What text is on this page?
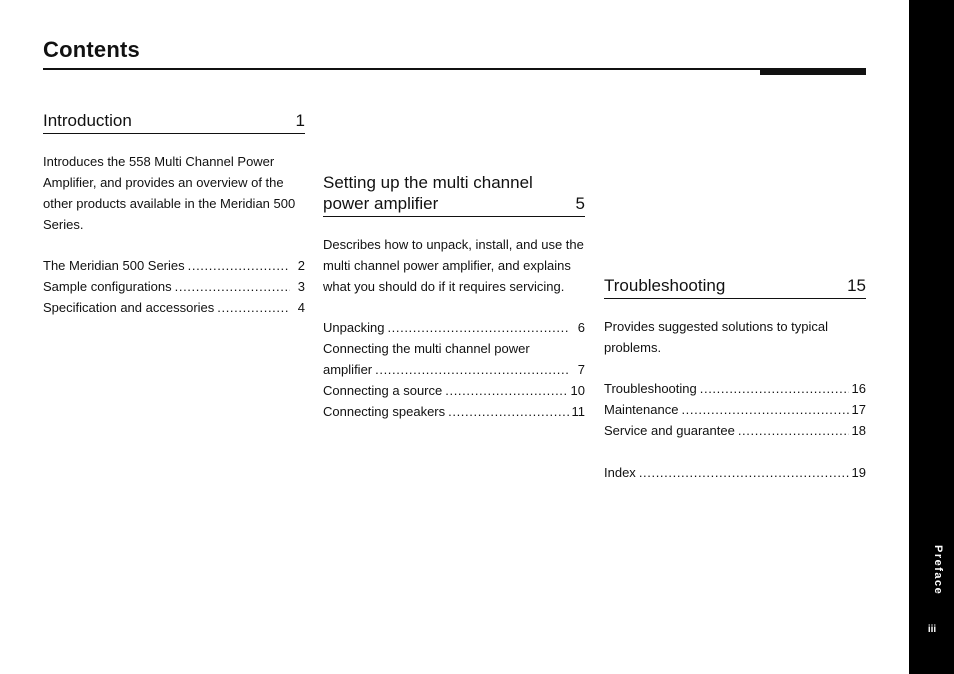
Contents
Introduction	1
Introduces the 558 Multi Channel Power Amplifier, and provides an overview of the other products available in the Meridian 500 Series.
The Meridian 500 Series . . .	2
Sample configurations . . .	3
Specification and accessories . . .	4
Setting up the multi channel power amplifier	5
Describes how to unpack, install, and use the multi channel power amplifier, and explains what you should do if it requires servicing.
Unpacking . . .	6
Connecting the multi channel power
amplifier . . .	7
Connecting a source . . .	10
Connecting speakers . . .	11
Troubleshooting	15
Provides suggested solutions to typical problems.
Troubleshooting . . .	16
Maintenance . . .	17
Service and guarantee . . .	18
Index . . .	19
Preface
iii
